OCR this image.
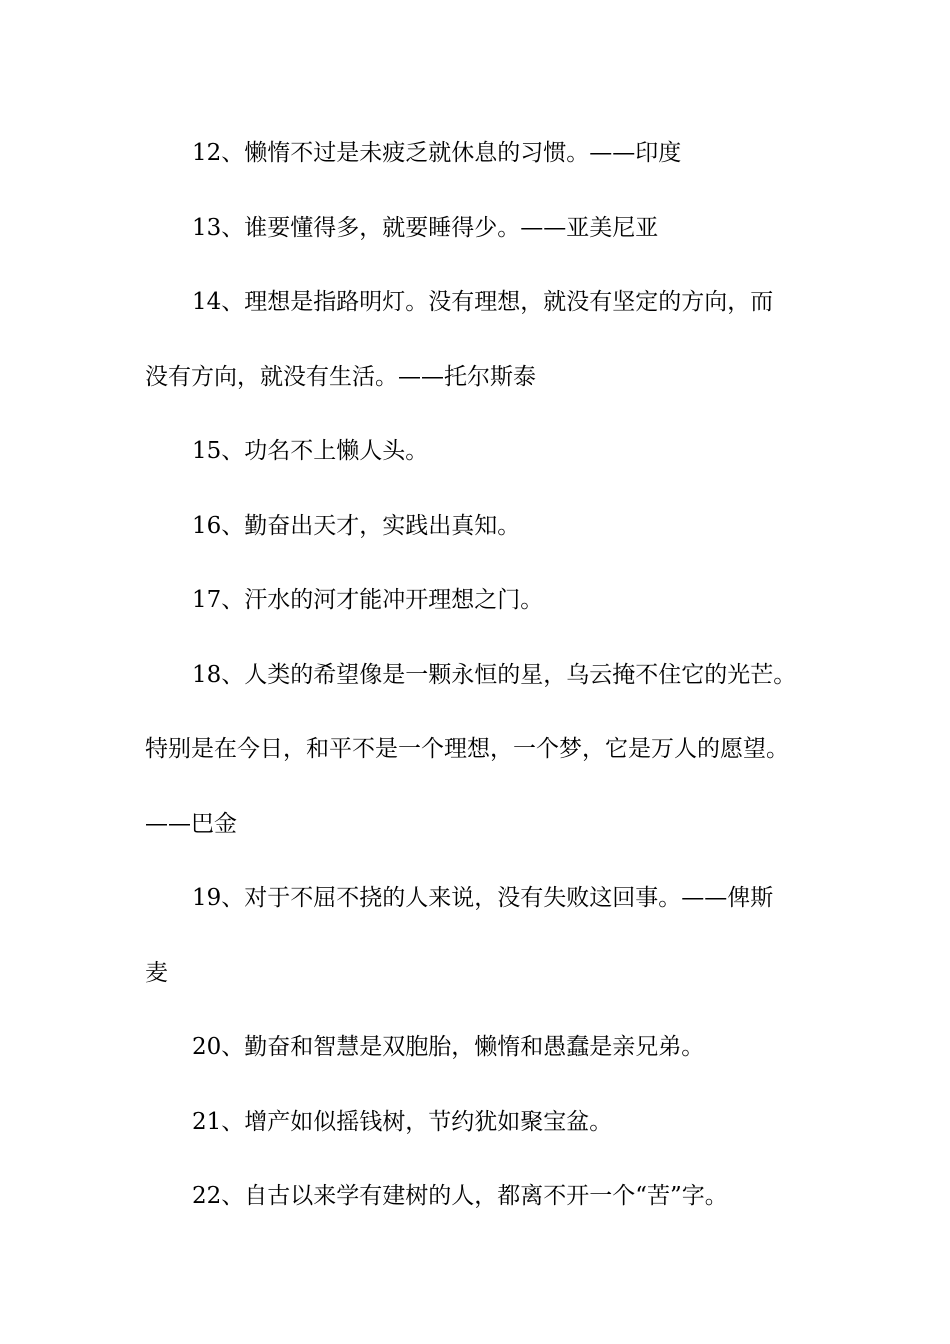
12、懒惰不过是未疲乏就休息的习惯。——印度
13、谁要懂得多，就要睡得少。——亚美尼亚
14、理想是指路明灯。没有理想，就没有坚定的方向，而
没有方向，就没有生活。——托尔斯泰
15、功名不上懒人头。
16、勤奋出天才，实践出真知。
17、汗水的河才能冲开理想之门。
18、人类的希望像是一颗永恒的星，乌云掩不住它的光芒。
特别是在今日，和平不是一个理想，一个梦，它是万人的愿望。
——巴金
19、对于不屈不挠的人来说，没有失败这回事。——俾斯
麦
20、勤奋和智慧是双胞胎，懒惰和愚蠢是亲兄弟。
21、增产如似摇钱树，节约犹如聚宝盆。
22、自古以来学有建树的人，都离不开一个“苦”字。
